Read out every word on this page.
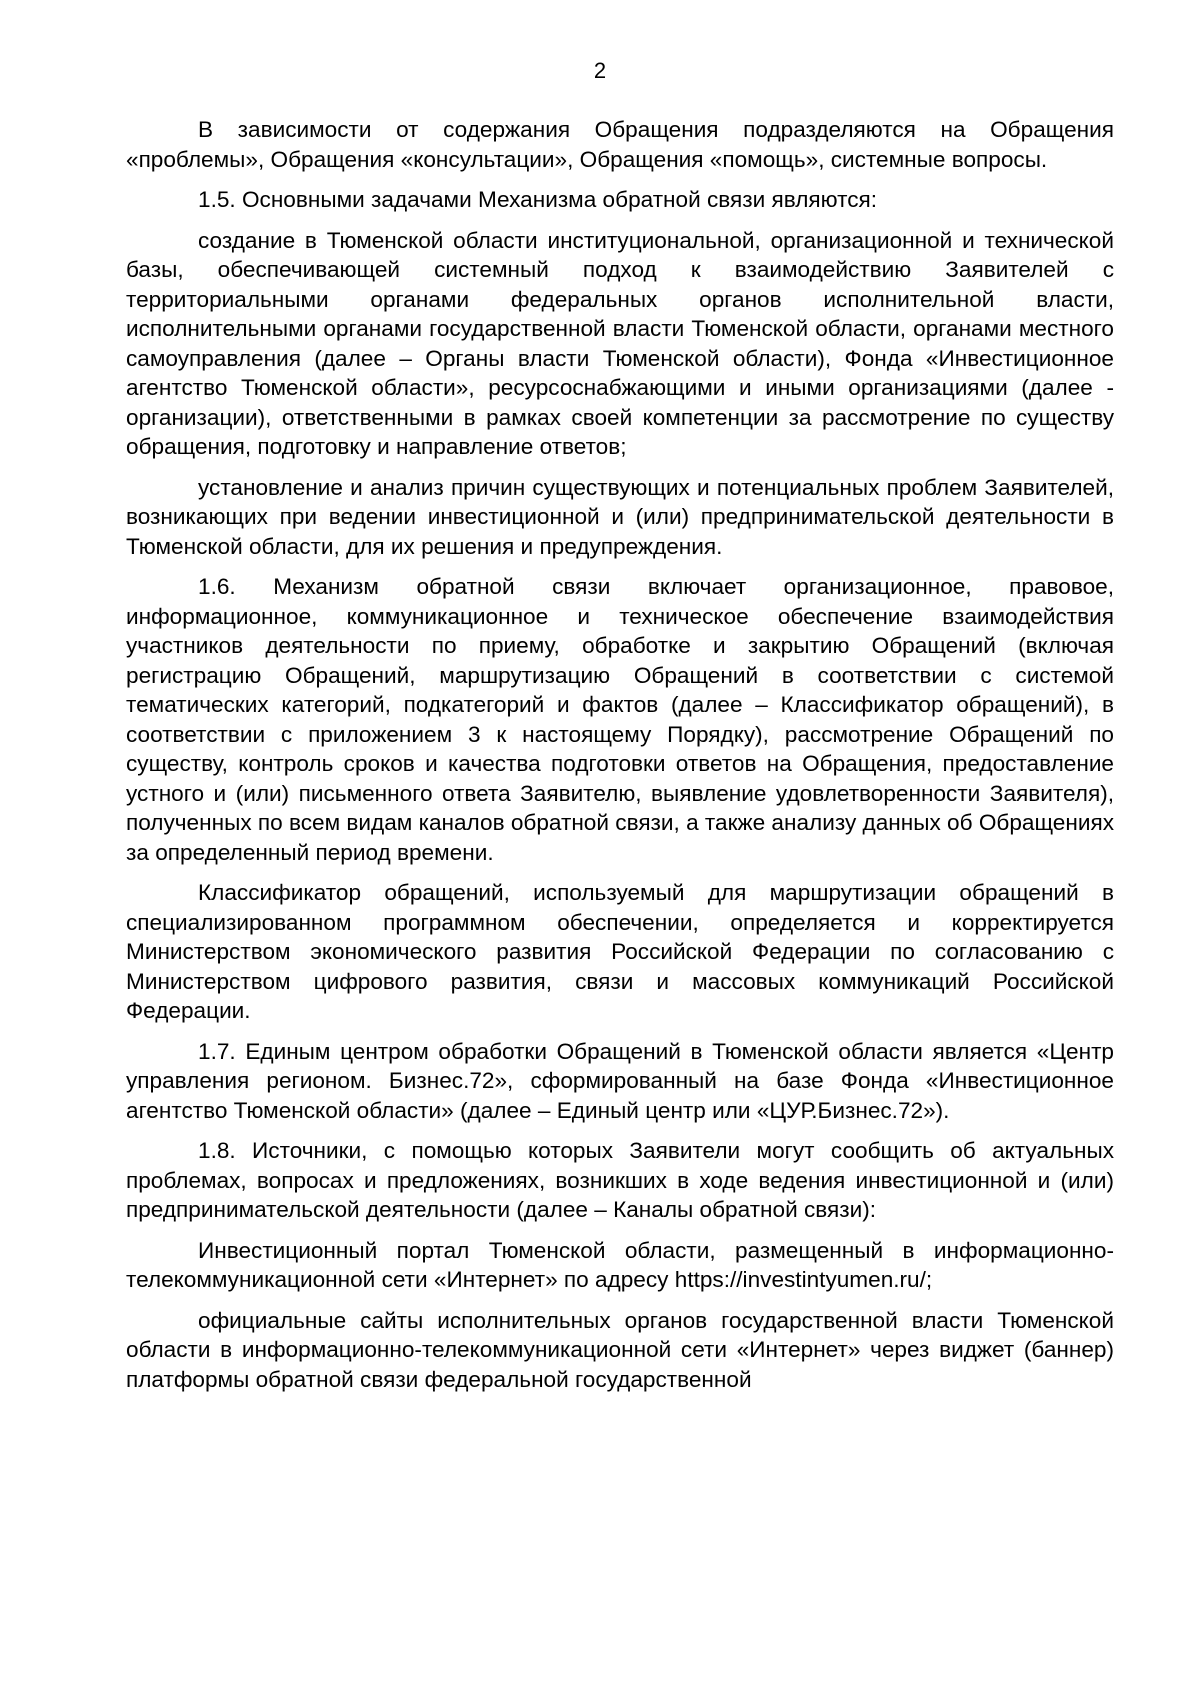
2

В зависимости от содержания Обращения подразделяются на Обращения «проблемы», Обращения «консультации», Обращения «помощь», системные вопросы.

1.5. Основными задачами Механизма обратной связи являются:

создание в Тюменской области институциональной, организационной и технической базы, обеспечивающей системный подход к взаимодействию Заявителей с территориальными органами федеральных органов исполнительной власти, исполнительными органами государственной власти Тюменской области, органами местного самоуправления (далее – Органы власти Тюменской области), Фонда «Инвестиционное агентство Тюменской области», ресурсоснабжающими и иными организациями (далее - организации), ответственными в рамках своей компетенции за рассмотрение по существу обращения, подготовку и направление ответов;

установление и анализ причин существующих и потенциальных проблем Заявителей, возникающих при ведении инвестиционной и (или) предпринимательской деятельности в Тюменской области, для их решения и предупреждения.

1.6. Механизм обратной связи включает организационное, правовое, информационное, коммуникационное и техническое обеспечение взаимодействия участников деятельности по приему, обработке и закрытию Обращений (включая регистрацию Обращений, маршрутизацию Обращений в соответствии с системой тематических категорий, подкатегорий и фактов (далее – Классификатор обращений), в соответствии с приложением 3 к настоящему Порядку), рассмотрение Обращений по существу, контроль сроков и качества подготовки ответов на Обращения, предоставление устного и (или) письменного ответа Заявителю, выявление удовлетворенности Заявителя), полученных по всем видам каналов обратной связи, а также анализу данных об Обращениях за определенный период времени.

Классификатор обращений, используемый для маршрутизации обращений в специализированном программном обеспечении, определяется и корректируется Министерством экономического развития Российской Федерации по согласованию с Министерством цифрового развития, связи и массовых коммуникаций Российской Федерации.

1.7. Единым центром обработки Обращений в Тюменской области является «Центр управления регионом. Бизнес.72», сформированный на базе Фонда «Инвестиционное агентство Тюменской области» (далее – Единый центр или «ЦУР.Бизнес.72»).

1.8. Источники, с помощью которых Заявители могут сообщить об актуальных проблемах, вопросах и предложениях, возникших в ходе ведения инвестиционной и (или) предпринимательской деятельности (далее – Каналы обратной связи):

Инвестиционный портал Тюменской области, размещенный в информационно-телекоммуникационной сети «Интернет» по адресу https://investintyumen.ru/;

официальные сайты исполнительных органов государственной власти Тюменской области в информационно-телекоммуникационной сети «Интернет» через виджет (баннер) платформы обратной связи федеральной государственной
